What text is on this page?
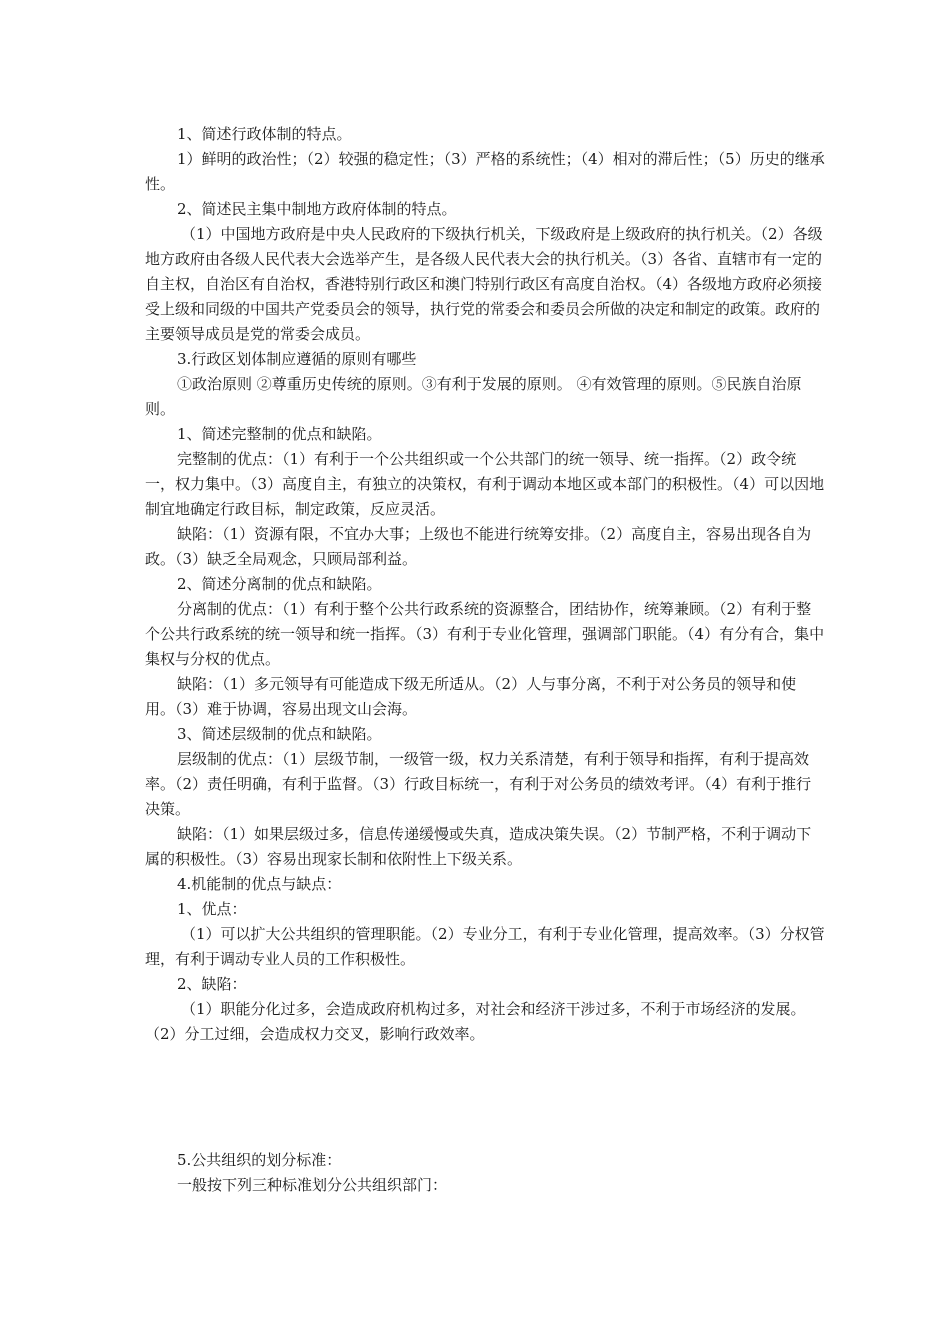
1、简述行政体制的特点。

1）鲜明的政治性；（2）较强的稳定性；（3）严格的系统性；（4）相对的滞后性；（5）历史的继承性。

2、简述民主集中制地方政府体制的特点。

（1）中国地方政府是中央人民政府的下级执行机关，下级政府是上级政府的执行机关。（2）各级地方政府由各级人民代表大会选举产生，是各级人民代表大会的执行机关。（3）各省、直辖市有一定的自主权，自治区有自治权，香港特别行政区和澳门特别行政区有高度自治权。（4）各级地方政府必须接受上级和同级的中国共产党委员会的领导，执行党的常委会和委员会所做的决定和制定的政策。政府的主要领导成员是党的常委会成员。

3.行政区划体制应遵循的原则有哪些

①政治原则 ②尊重历史传统的原则。③有利于发展的原则。 ④有效管理的原则。⑤民族自治原则。

1、简述完整制的优点和缺陷。

完整制的优点：（1）有利于一个公共组织或一个公共部门的统一领导、统一指挥。（2）政令统一，权力集中。（3）高度自主，有独立的决策权，有利于调动本地区或本部门的积极性。（4）可以因地制宜地确定行政目标，制定政策，反应灵活。

缺陷：（1）资源有限，不宜办大事；上级也不能进行统筹安排。（2）高度自主，容易出现各自为政。（3）缺乏全局观念，只顾局部利益。

2、简述分离制的优点和缺陷。

分离制的优点：（1）有利于整个公共行政系统的资源整合，团结协作，统筹兼顾。（2）有利于整个公共行政系统的统一领导和统一指挥。（3）有利于专业化管理，强调部门职能。（4）有分有合，集中集权与分权的优点。

缺陷：（1）多元领导有可能造成下级无所适从。（2）人与事分离，不利于对公务员的领导和使用。（3）难于协调，容易出现文山会海。

3、简述层级制的优点和缺陷。

层级制的优点：（1）层级节制，一级管一级，权力关系清楚，有利于领导和指挥，有利于提高效率。（2）责任明确，有利于监督。（3）行政目标统一，有利于对公务员的绩效考评。（4）有利于推行决策。

缺陷：（1）如果层级过多，信息传递缓慢或失真，造成决策失误。（2）节制严格，不利于调动下属的积极性。（3）容易出现家长制和依附性上下级关系。

4.机能制的优点与缺点：

1、优点：

（1）可以扩大公共组织的管理职能。（2）专业分工，有利于专业化管理，提高效率。（3）分权管理，有利于调动专业人员的工作积极性。

2、缺陷：

（1）职能分化过多，会造成政府机构过多，对社会和经济干涉过多，不利于市场经济的发展。（2）分工过细，会造成权力交叉，影响行政效率。

5.公共组织的划分标准：

一般按下列三种标准划分公共组织部门：
